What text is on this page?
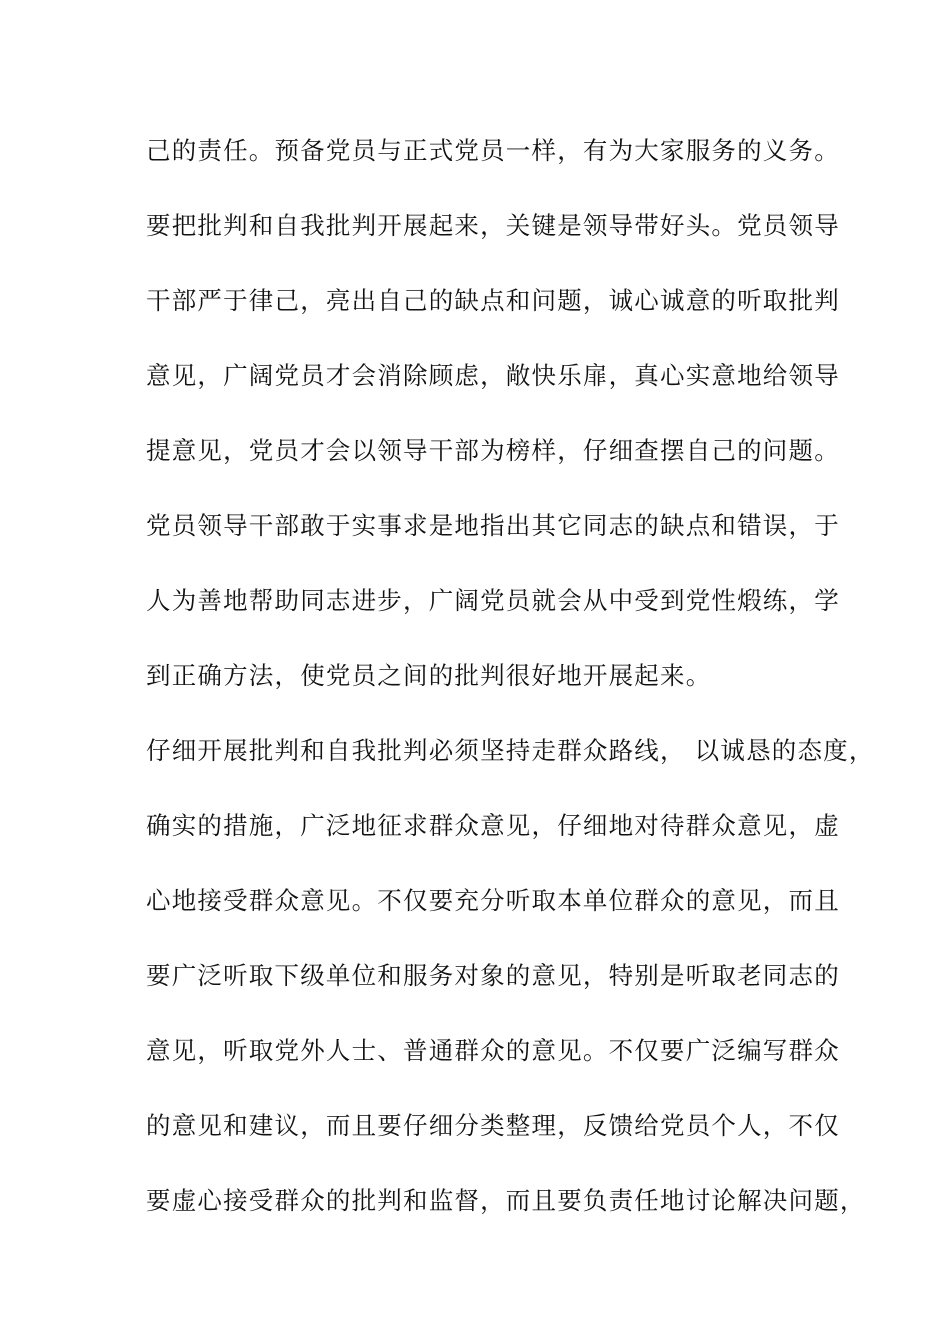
己的责任。预备党员与正式党员一样，有为大家服务的义务。
要把批判和自我批判开展起来，关键是领导带好头。党员领导
干部严于律己，亮出自己的缺点和问题，诚心诚意的听取批判
意见，广阔党员才会消除顾虑，敞快乐扉，真心实意地给领导
提意见，党员才会以领导干部为榜样，仔细查摆自己的问题。
党员领导干部敢于实事求是地指出其它同志的缺点和错误，于
人为善地帮助同志进步，广阔党员就会从中受到党性煅练，学
到正确方法，使党员之间的批判很好地开展起来。
仔细开展批判和自我批判必须坚持走群众路线， 以诚恳的态度，
确实的措施，广泛地征求群众意见，仔细地对待群众意见，虚
心地接受群众意见。不仅要充分听取本单位群众的意见，而且
要广泛听取下级单位和服务对象的意见，特别是听取老同志的
意见，听取党外人士、普通群众的意见。不仅要广泛编写群众
的意见和建议，而且要仔细分类整理，反馈给党员个人，不仅
要虚心接受群众的批判和监督，而且要负责任地讨论解决问题，
